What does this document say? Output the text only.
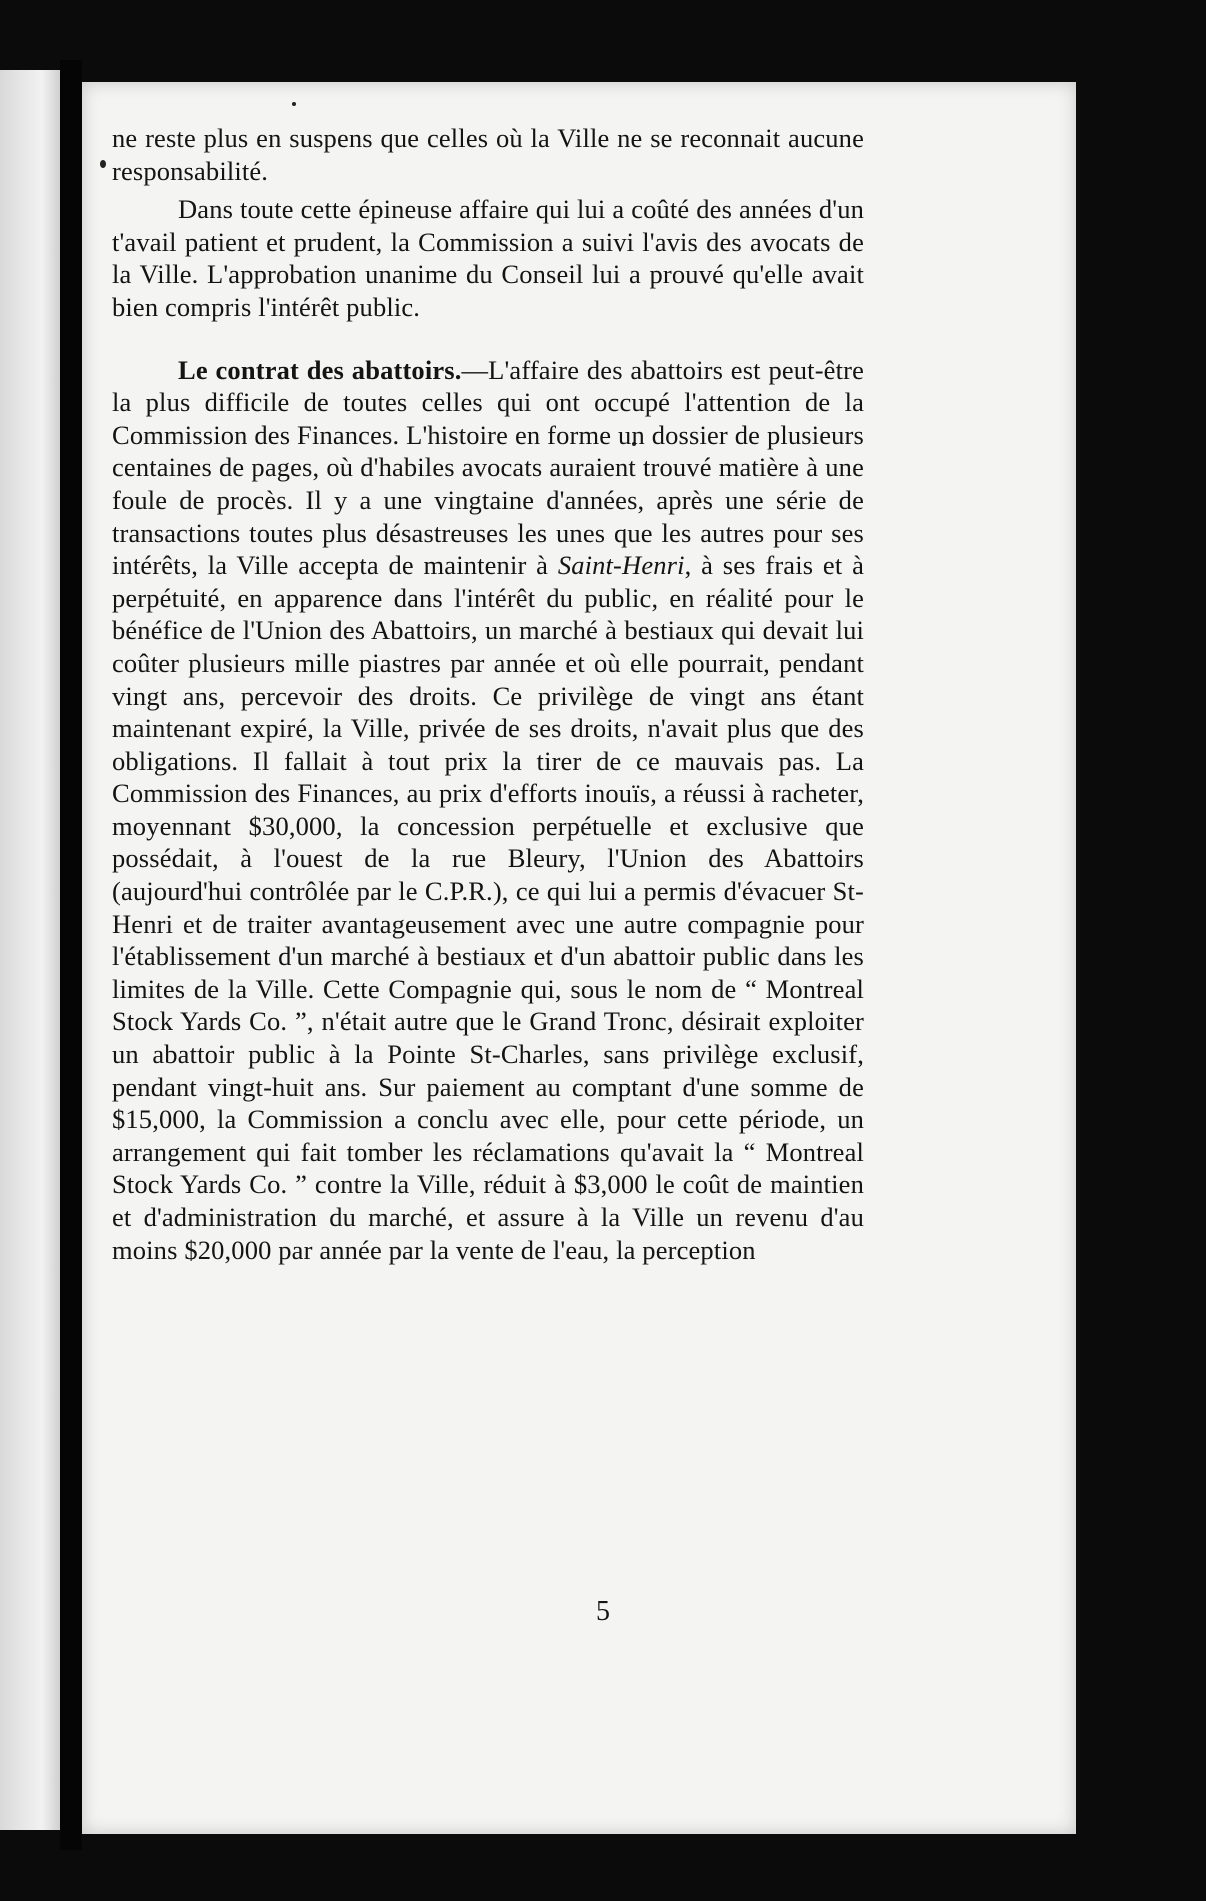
ne reste plus en suspens que celles où la Ville ne se reconnait aucune responsabilité.

Dans toute cette épineuse affaire qui lui a coûté des années d'un t'avail patient et prudent, la Commission a suivi l'avis des avocats de la Ville. L'approbation unanime du Conseil lui a prouvé qu'elle avait bien compris l'intérêt public.

Le contrat des abattoirs.—L'affaire des abattoirs est peut-être la plus difficile de toutes celles qui ont occupé l'attention de la Commission des Finances. L'histoire en forme un dossier de plusieurs centaines de pages, où d'habiles avocats auraient trouvé matière à une foule de procès. Il y a une vingtaine d'années, après une série de transactions toutes plus désastreuses les unes que les autres pour ses intérêts, la Ville accepta de maintenir à Saint-Henri, à ses frais et à perpétuité, en apparence dans l'intérêt du public, en réalité pour le bénéfice de l'Union des Abattoirs, un marché à bestiaux qui devait lui coûter plusieurs mille piastres par année et où elle pourrait, pendant vingt ans, percevoir des droits. Ce privilège de vingt ans étant maintenant expiré, la Ville, privée de ses droits, n'avait plus que des obligations. Il fallait à tout prix la tirer de ce mauvais pas. La Commission des Finances, au prix d'efforts inouïs, a réussi à racheter, moyennant $30,000, la concession perpétuelle et exclusive que possédait, à l'ouest de la rue Bleury, l'Union des Abattoirs (aujourd'hui contrôlée par le C.P.R.), ce qui lui a permis d'évacuer St-Henri et de traiter avantageusement avec une autre compagnie pour l'établissement d'un marché à bestiaux et d'un abattoir public dans les limites de la Ville. Cette Compagnie qui, sous le nom de “ Montreal Stock Yards Co. ”, n'était autre que le Grand Tronc, désirait exploiter un abattoir public à la Pointe St-Charles, sans privilège exclusif, pendant vingt-huit ans. Sur paiement au comptant d'une somme de $15,000, la Commission a conclu avec elle, pour cette période, un arrangement qui fait tomber les réclamations qu'avait la “ Montreal Stock Yards Co. ” contre la Ville, réduit à $3,000 le coût de maintien et d'administration du marché, et assure à la Ville un revenu d'au moins $20,000 par année par la vente de l'eau, la perception

5
